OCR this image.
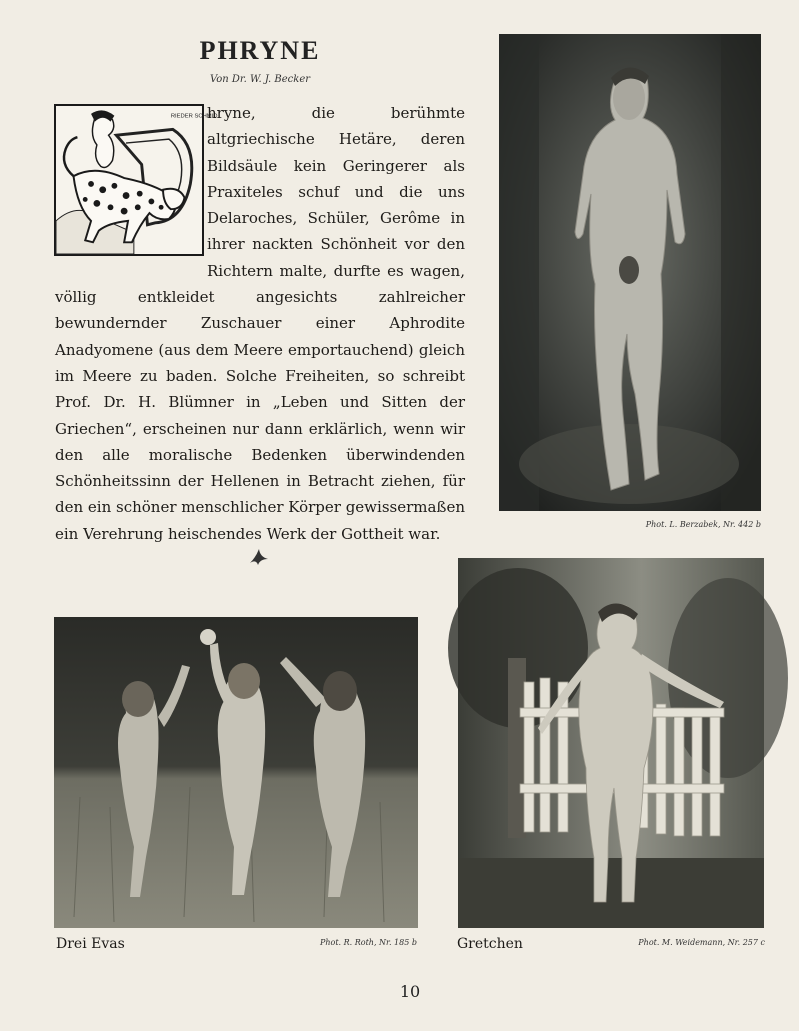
PHRYNE
Von Dr. W. J. Becker
RIEDER SCHMID

hryne, die berühmte altgriechische Hetäre, deren Bildsäule kein Geringerer als Praxiteles schuf und die uns Delaroches, Schüler, Gerôme in ihrer nackten Schönheit vor den Richtern malte, durfte es wagen, völlig entkleidet angesichts zahlreicher bewundernder Zuschauer einer Aphrodite Anadyomene (aus dem Meere emportauchend) gleich im Meere zu baden. Solche Freiheiten, so schreibt Prof. Dr. H. Blümner in „Leben und Sitten der Griechen“, erscheinen nur dann erklärlich, wenn wir den alle moralische Bedenken überwindenden Schönheitssinn der Hellenen in Betracht ziehen, für den ein schöner menschlicher Körper gewissermaßen ein Verehrung heischendes Werk der Gottheit war.

Phot. L. Berzabek, Nr. 442 b
Drei Evas	Phot. R. Roth, Nr. 185 b	Gretchen	Phot. M. Weidemann, Nr. 257 c
10
